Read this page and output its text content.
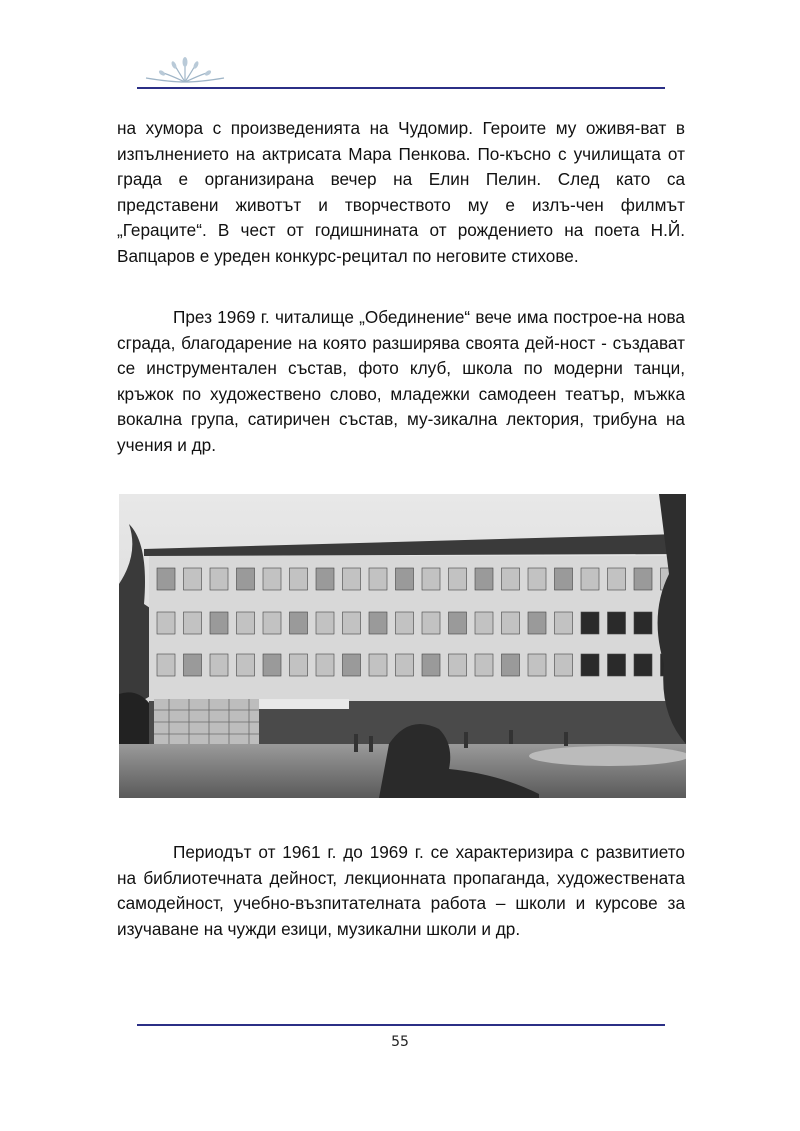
на хумора с произведенията на Чудомир. Героите му оживя-ват в изпълнението на актрисата Мара Пенкова. По-късно с училищата от града е организирана вечер на Елин Пелин. След като са представени животът и творчеството му е излъ-чен филмът „Гераците“. В чест от годишнината от рождението на поета Н.Й. Вапцаров е уреден конкурс-рецитал по неговите стихове.

През 1969 г. читалище „Обединение“ вече има построе-на нова сграда, благодарение на която разширява своята дей-ност - създават се инструментален състав, фото клуб, школа по модерни танци, кръжок по художествено слово, младежки самодеен театър, мъжка вокална група, сатиричен състав, му-зикална лектория, трибуна на учения и др.

Периодът от 1961 г. до 1969 г. се характеризира с развитието на библиотечната дейност, лекционната пропаганда, художествената самодейност, учебно-възпитателната работа – школи и курсове за изучаване на чужди езици, музикални школи и др.

55
